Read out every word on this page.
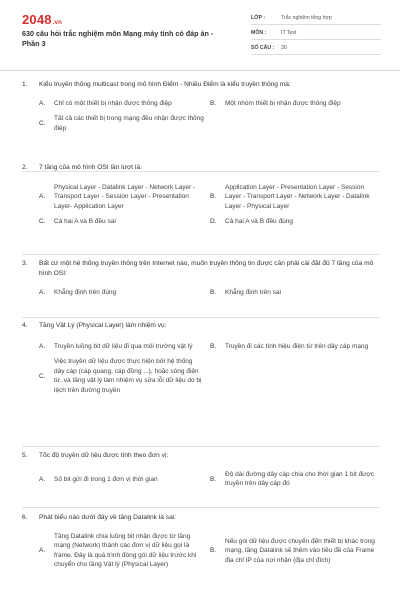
2048.vn
630 câu hỏi trắc nghiệm môn Mạng máy tính có đáp án - Phần 3
LỚP :	Trắc nghiệm tổng hợp
MÔN :	IT Test
SỐ CÂU :	30
1.	Kiểu truyền thông multicast trong mô hình Điểm - Nhiều Điểm là kiểu truyền thông mà:
A.	Chỉ có một thiết bị nhận được thông điệp	B.	Một nhóm thiết bị nhận được thông điệp
C.
Tất cả các thiết bị trong mạng đều nhận được thông điệp
2.	7 tầng của mô hình OSI lần lượt là:
A.
Physical Layer - Datalink Layer - Network Layer - Transport Layer - Session Layer - Presentation Layer- Application Layer
B.
Application Layer - Presentation Layer - Session Layer - Transport Layer - Network Layer - Datalink Layer - Physical Layer
C.	Cả hai A và B đều sai	D.	Cả hai A và B đều đúng
3.	Bất cứ một hệ thống truyền thông trên Internet nào, muốn truyền thông tin được cần phải cài đặt đủ 7 tầng của mô hình OSI:
A.	Khẳng định trên đúng	B.	Khẳng định trên sai
4.	Tầng Vật Lý (Physical Layer) làm nhiệm vụ:
A.	Truyền luồng bit dữ liệu đi qua môi trường vật lý	B.	Truyền đi các tính hiệu điện từ trên dây cáp mạng
C.
Việc truyền dữ liệu được thực hiện bởi hệ thống dây cáp (cáp quang, cáp đồng ...), hoặc sóng điện từ, và tầng vật lý làm nhiệm vụ sửa lỗi dữ liệu do bị lệch trên đường truyền
5.	Tốc độ truyền dữ liệu được tính theo đơn vị:
A.	Số bit gửi đi trong 1 đơn vị thời gian	B.
Độ dài đường dây cáp chia cho thời gian 1 bit được truyền trên dây cáp đó
6.	Phát biểu nào dưới đây về tầng Datalink là sai:
A.
Tầng Datalink chia luồng bit nhận được từ tầng mạng (Network) thành các đơn vị dữ liệu gọi là frame. Đây là quá trình đóng gói dữ liệu trước khi chuyển cho tầng Vật lý (Physical Layer)
B.
Nếu gói dữ liệu được chuyển đến thiết bị khác trong mạng, tầng Datalink sẽ thêm vào tiêu đề của Frame địa chỉ IP của nơi nhận (địa chỉ đích)
